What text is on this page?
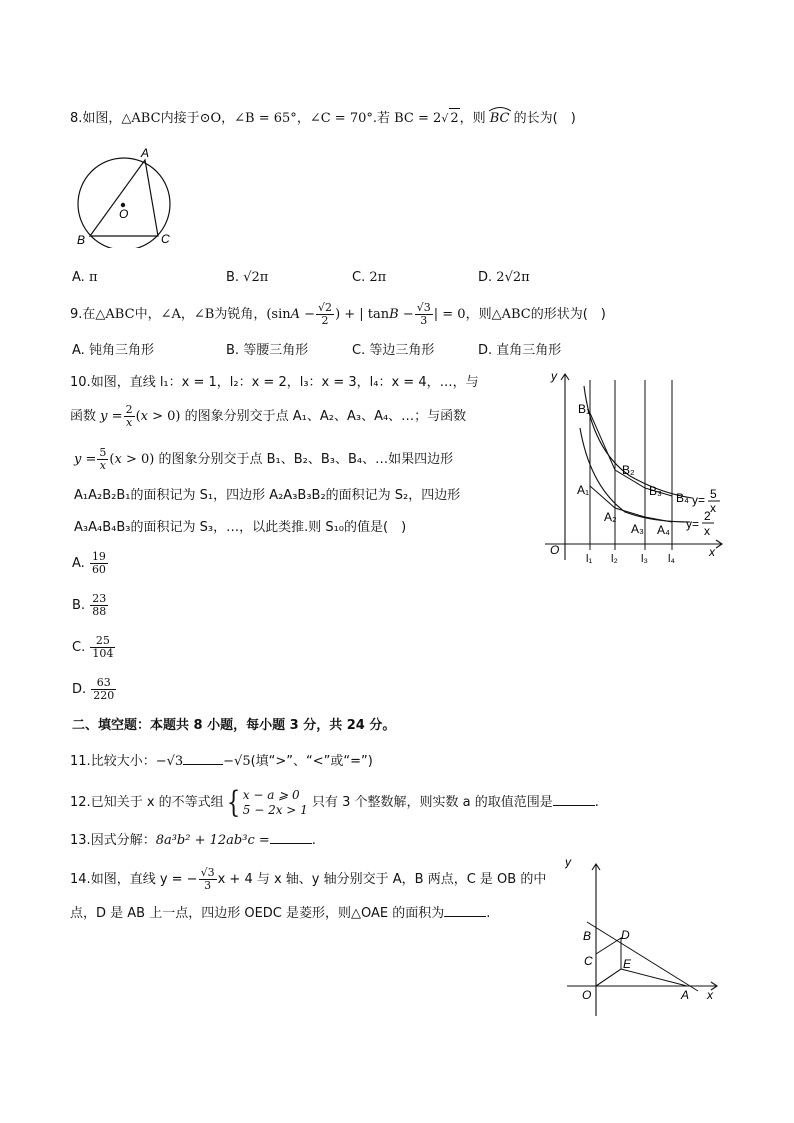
8.如图，△ABC内接于⊙O，∠B = 65°，∠C = 70°.若 BC = 2√ 2，则
BC 的长为(　)
A
B	C
O
A. π	B. √2π	C. 2π	D. 2√2π
9.在△ABC中，∠A，∠B为锐角，($\sin A - \frac{√2}{2}$ ) + | $\tan B - \frac{√3}{3}$ | = 0，则△ABC的形状为(　)
A. 钝角三角形	B. 等腰三角形	C. 等边三角形	D. 直角三角形
10.如图，直线 l₁：x = 1，l₂：x = 2，l₃：x = 3，l₄：x = 4，…，与
函数 $y = \frac{2}{x} (x > 0)$ 的图象分别交于点 A₁、A₂、A₃、A₄、…；与函数
$y = \frac{5}{x} (x > 0)$ 的图象分别交于点 B₁、B₂、B₃、B₄、…如果四边形
A₁A₂B₂B₁的面积记为 S₁，四边形 A₂A₃B₃B₂的面积记为 S₂，四边形
A₃A₄B₄B₃的面积记为 S₃，…，以此类推.则 S₁₀的值是(　)
A. $\frac{19}{60}$
B. $\frac{23}{88}$
C. $\frac{25}{104}$
D. $\frac{63}{220}$
y
x
O
B₁
B₂
B₃ B₄
A₁
A₂
A₃ A₄
l₁ l₂ l₃ l₄
y= 5
x
y=
2
x
二、填空题：本题共 8 小题，每小题 3 分，共 24 分。
11.比较大小：−√3	−√5(填“>”、“<”或“=”)
12.已知关于 x 的不等式组{ x − a ⩾ 0
5 − 2x > 1 只有 3 个整数解，则实数 a 的取值范围是	.
13.因式分解：8a³b² + 12ab³c =	.
14.如图，直线 y = − $\frac{√3}{3}$ x + 4 与 x 轴、y 轴分别交于 A，B 两点，C 是 OB 的中
点，D 是 AB 上一点，四边形 OEDC 是菱形，则△OAE 的面积为	.
y
x
O	A
B
C
D
E
